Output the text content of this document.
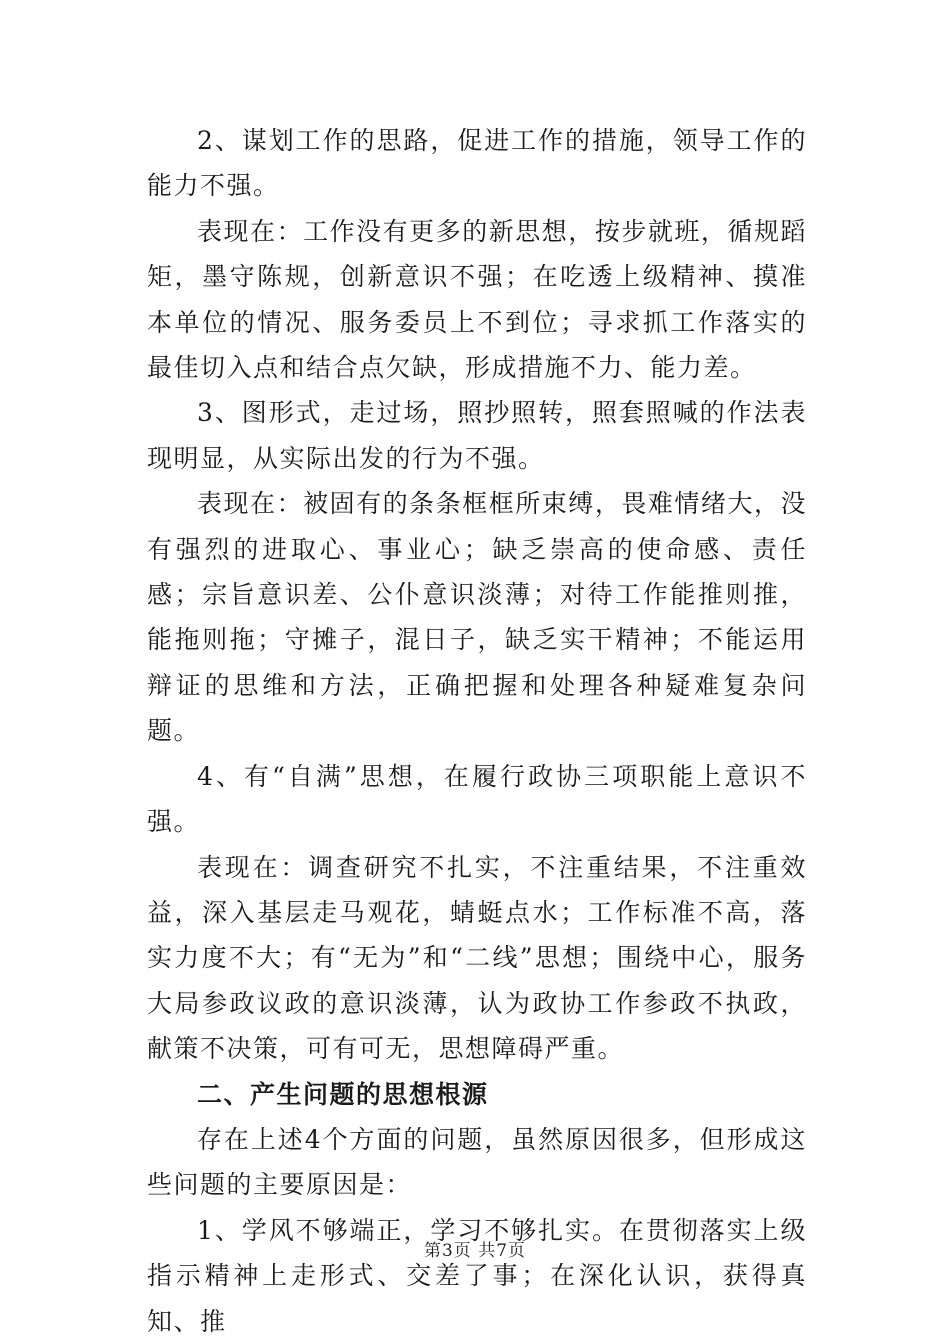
2、谋划工作的思路，促进工作的措施，领导工作的能力不强。

表现在：工作没有更多的新思想，按步就班，循规蹈矩，墨守陈规，创新意识不强；在吃透上级精神、摸准本单位的情况、服务委员上不到位；寻求抓工作落实的最佳切入点和结合点欠缺，形成措施不力、能力差。

3、图形式，走过场，照抄照转，照套照喊的作法表现明显，从实际出发的行为不强。

表现在：被固有的条条框框所束缚，畏难情绪大，没有强烈的进取心、事业心；缺乏崇高的使命感、责任感；宗旨意识差、公仆意识淡薄；对待工作能推则推，能拖则拖；守摊子，混日子，缺乏实干精神；不能运用辩证的思维和方法，正确把握和处理各种疑难复杂问题。

4、有“自满”思想，在履行政协三项职能上意识不强。

表现在：调查研究不扎实，不注重结果，不注重效益，深入基层走马观花，蜻蜓点水；工作标准不高，落实力度不大；有“无为”和“二线”思想；围绕中心，服务大局参政议政的意识淡薄，认为政协工作参政不执政，献策不决策，可有可无，思想障碍严重。

二、产生问题的思想根源

存在上述4个方面的问题，虽然原因很多，但形成这些问题的主要原因是：

1、学风不够端正，学习不够扎实。在贯彻落实上级指示精神上走形式、交差了事；在深化认识，获得真知、推

第3页 共7页
